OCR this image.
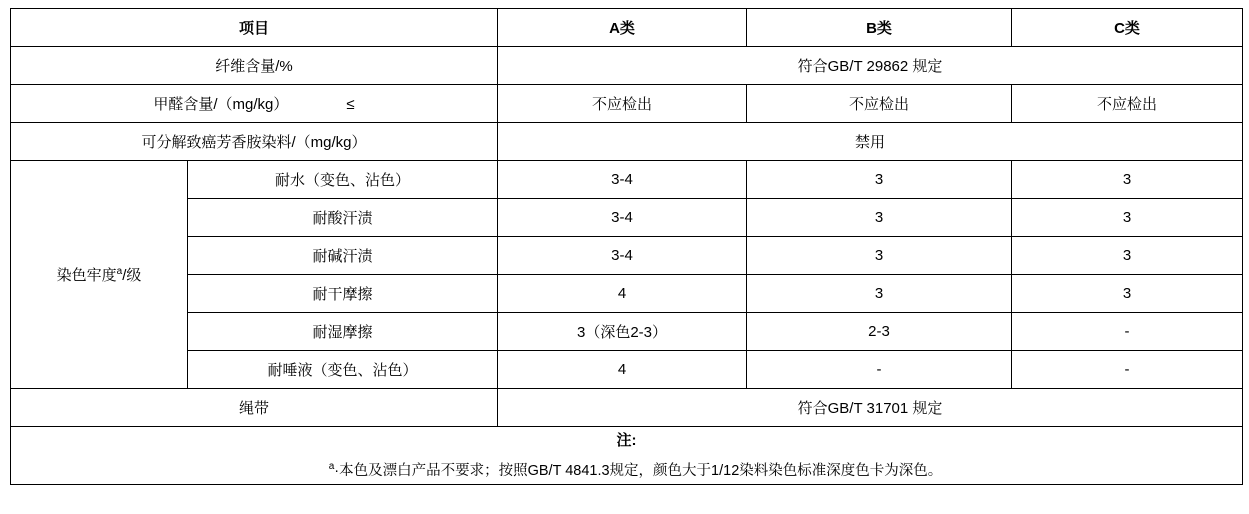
项目		A类	B类	C类
纤维含量/%		符合GB/T 29862 规定		
甲醛含量/（mg/kg） ≤		不应检出	不应检出	不应检出
可分解致癌芳香胺染料/（mg/kg）		禁用		
染色牢度$^a$/级	耐水（变色、沾色）	3-4	3	3
	耐酸汗渍	3-4	3	3
	耐碱汗渍	3-4	3	3
	耐干摩擦	4	3	3
	耐湿摩擦	3（深色2-3）	2-3	-
	耐唾液（变色、沾色）	4	-	-
绳带		符合GB/T 31701 规定		

注:
$^a$·本色及漂白产品不要求；按照GB/T 4841.3规定，颜色大于1/12染料染色标准深度色卡为深色。				
